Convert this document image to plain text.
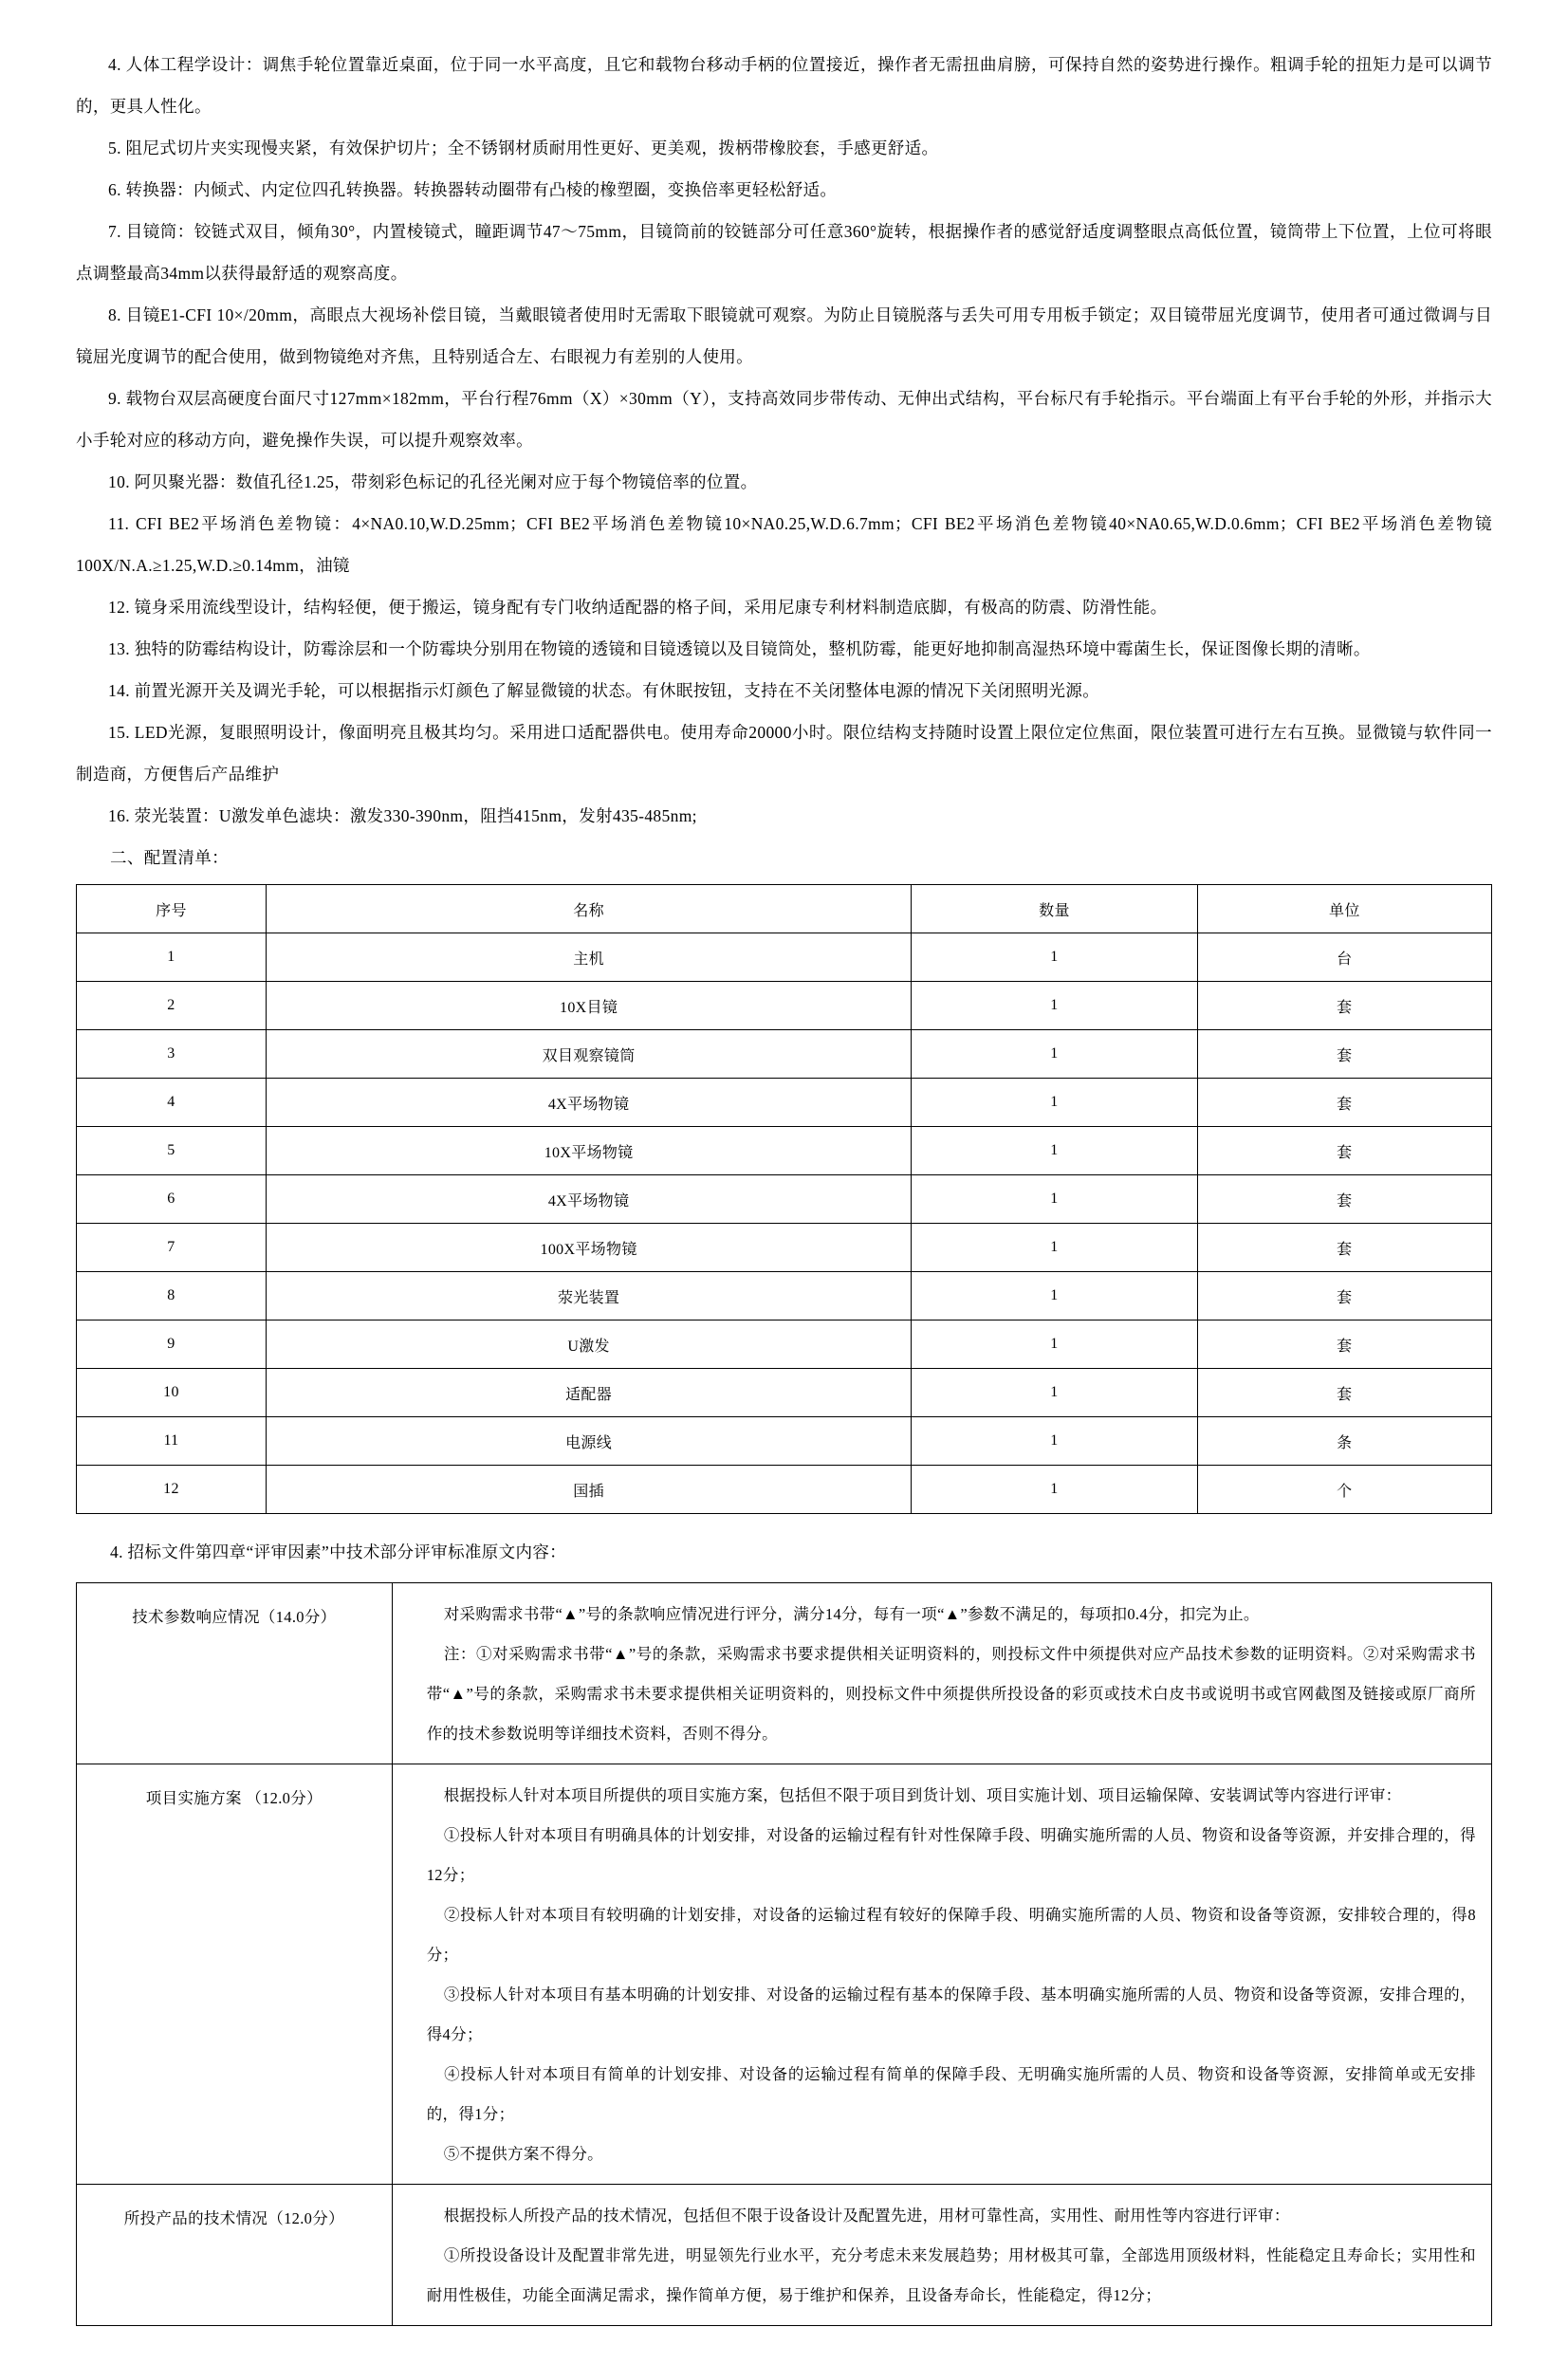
4. 人体工程学设计：调焦手轮位置靠近桌面，位于同一水平高度，且它和载物台移动手柄的位置接近，操作者无需扭曲肩膀，可保持自然的姿势进行操作。粗调手轮的扭矩力是可以调节的，更具人性化。

5. 阻尼式切片夹实现慢夹紧，有效保护切片；全不锈钢材质耐用性更好、更美观，拨柄带橡胶套，手感更舒适。

6. 转换器：内倾式、内定位四孔转换器。转换器转动圈带有凸棱的橡塑圈，变换倍率更轻松舒适。

7. 目镜筒：铰链式双目，倾角30°，内置棱镜式，瞳距调节47～75mm，目镜筒前的铰链部分可任意360°旋转，根据操作者的感觉舒适度调整眼点高低位置，镜筒带上下位置，上位可将眼点调整最高34mm以获得最舒适的观察高度。

8. 目镜E1-CFI 10×/20mm，高眼点大视场补偿目镜，当戴眼镜者使用时无需取下眼镜就可观察。为防止目镜脱落与丢失可用专用板手锁定；双目镜带屈光度调节，使用者可通过微调与目镜屈光度调节的配合使用，做到物镜绝对齐焦，且特别适合左、右眼视力有差别的人使用。

9. 载物台双层高硬度台面尺寸127mm×182mm，平台行程76mm（X）×30mm（Y），支持高效同步带传动、无伸出式结构，平台标尺有手轮指示。平台端面上有平台手轮的外形，并指示大小手轮对应的移动方向，避免操作失误，可以提升观察效率。

10. 阿贝聚光器：数值孔径1.25，带刻彩色标记的孔径光阑对应于每个物镜倍率的位置。

11. CFI BE2平场消色差物镜：4×NA0.10,W.D.25mm；CFI BE2平场消色差物镜10×NA0.25,W.D.6.7mm；CFI BE2平场消色差物镜40×NA0.65,W.D.0.6mm；CFI BE2平场消色差物镜100X/N.A.≥1.25,W.D.≥0.14mm，油镜

12. 镜身采用流线型设计，结构轻便，便于搬运，镜身配有专门收纳适配器的格子间，采用尼康专利材料制造底脚，有极高的防震、防滑性能。

13. 独特的防霉结构设计，防霉涂层和一个防霉块分别用在物镜的透镜和目镜透镜以及目镜筒处，整机防霉，能更好地抑制高湿热环境中霉菌生长，保证图像长期的清晰。

14. 前置光源开关及调光手轮，可以根据指示灯颜色了解显微镜的状态。有休眠按钮，支持在不关闭整体电源的情况下关闭照明光源。

15. LED光源，复眼照明设计，像面明亮且极其均匀。采用进口适配器供电。使用寿命20000小时。限位结构支持随时设置上限位定位焦面，限位装置可进行左右互换。显微镜与软件同一制造商，方便售后产品维护

16. 荥光装置：U激发单色滤块：激发330-390nm，阻挡415nm，发射435-485nm;

二、配置清单：

序号	名称	数量	单位
1	主机	1	台
2	10X目镜	1	套
3	双目观察镜筒	1	套
4	4X平场物镜	1	套
5	10X平场物镜	1	套
6	4X平场物镜	1	套
7	100X平场物镜	1	套
8	荥光装置	1	套
9	U激发	1	套
10	适配器	1	套
11	电源线	1	条
12	国插	1	个

4. 招标文件第四章“评审因素”中技术部分评审标准原文内容：

技术参数响应情况（14.0分）	对采购需求书带“▲”号的条款响应情况进行评分，满分14分，每有一项“▲”参数不满足的，每项扣0.4分，扣完为止。

注：①对采购需求书带“▲”号的条款，采购需求书要求提供相关证明资料的，则投标文件中须提供对应产品技术参数的证明资料。②对采购需求书带“▲”号的条款，采购需求书未要求提供相关证明资料的，则投标文件中须提供所投设备的彩页或技术白皮书或说明书或官网截图及链接或原厂商所作的技术参数说明等详细技术资料，否则不得分。

项目实施方案 （12.0分）	根据投标人针对本项目所提供的项目实施方案，包括但不限于项目到货计划、项目实施计划、项目运输保障、安装调试等内容进行评审：

①投标人针对本项目有明确具体的计划安排，对设备的运输过程有针对性保障手段、明确实施所需的人员、物资和设备等资源，并安排合理的，得12分；

②投标人针对本项目有较明确的计划安排，对设备的运输过程有较好的保障手段、明确实施所需的人员、物资和设备等资源，安排较合理的，得8分；

③投标人针对本项目有基本明确的计划安排、对设备的运输过程有基本的保障手段、基本明确实施所需的人员、物资和设备等资源，安排合理的，得4分；

④投标人针对本项目有简单的计划安排、对设备的运输过程有简单的保障手段、无明确实施所需的人员、物资和设备等资源，安排简单或无安排的，得1分；

⑤不提供方案不得分。

所投产品的技术情况（12.0分）	根据投标人所投产品的技术情况，包括但不限于设备设计及配置先进，用材可靠性高，实用性、耐用性等内容进行评审：

①所投设备设计及配置非常先进，明显领先行业水平，充分考虑未来发展趋势；用材极其可靠，全部选用顶级材料，性能稳定且寿命长；实用性和耐用性极佳，功能全面满足需求，操作简单方便，易于维护和保养，且设备寿命长，性能稳定，得12分；
